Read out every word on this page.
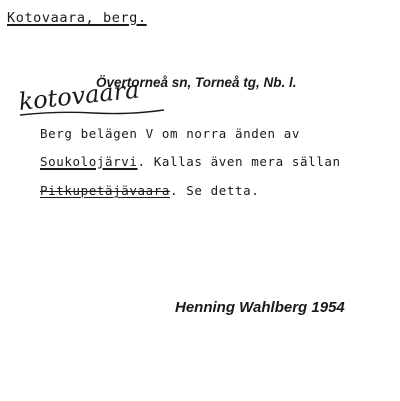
Kotovaara, berg.
Övertorneå sn, Torneå tg, Nb. l.
kotovaara
Berg belägen V om norra änden av
Soukolojärvi. Kallas även mera sällan
Pitkupetäjävaara. Se detta.
Henning Wahlberg 1954
